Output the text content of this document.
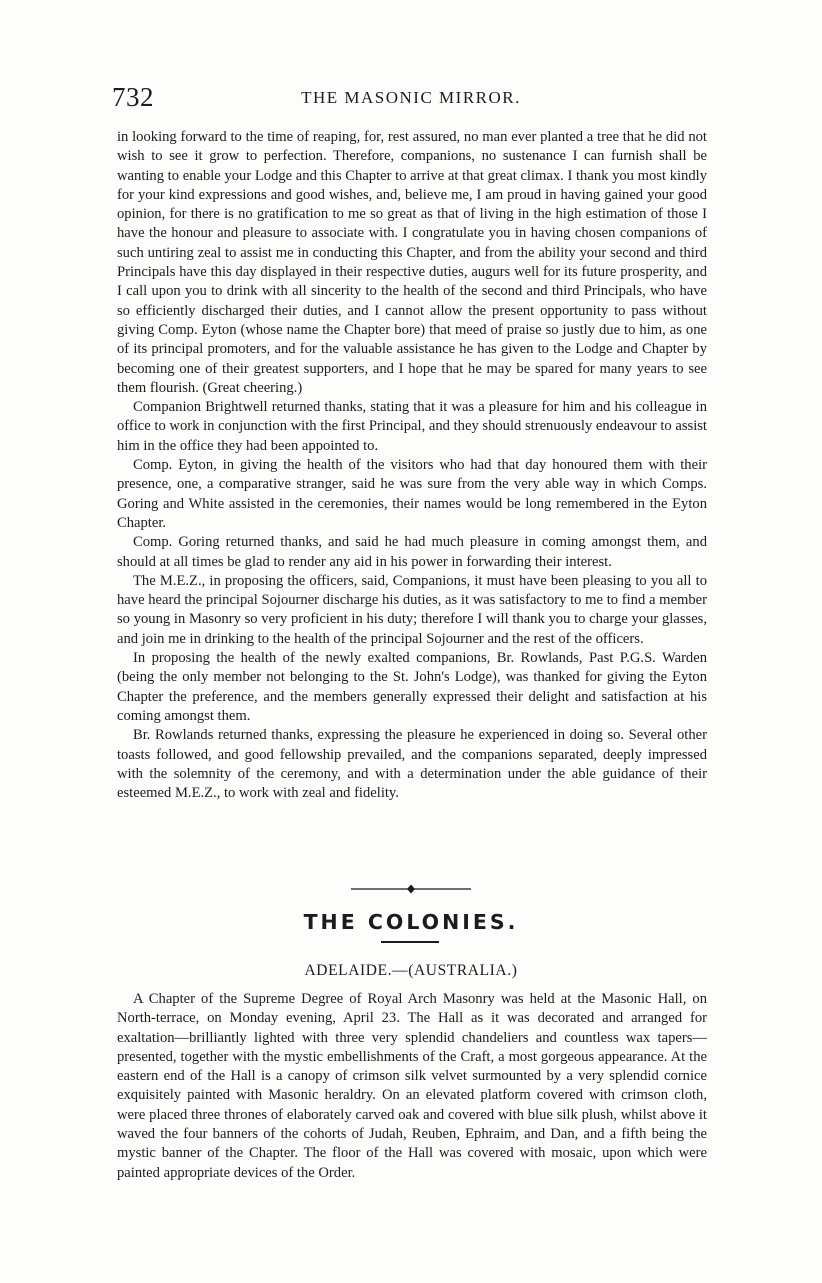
732	THE MASONIC MIRROR.

in looking forward to the time of reaping, for, rest assured, no man ever planted a tree that he did not wish to see it grow to perfection. Therefore, companions, no sustenance I can furnish shall be wanting to enable your Lodge and this Chapter to arrive at that great climax. I thank you most kindly for your kind expressions and good wishes, and, believe me, I am proud in having gained your good opinion, for there is no gratification to me so great as that of living in the high estimation of those I have the honour and pleasure to associate with. I congratulate you in having chosen companions of such untiring zeal to assist me in conducting this Chapter, and from the ability your second and third Principals have this day displayed in their respective duties, augurs well for its future prosperity, and I call upon you to drink with all sincerity to the health of the second and third Principals, who have so efficiently discharged their duties, and I cannot allow the present opportunity to pass without giving Comp. Eyton (whose name the Chapter bore) that meed of praise so justly due to him, as one of its principal promoters, and for the valuable assistance he has given to the Lodge and Chapter by becoming one of their greatest supporters, and I hope that he may be spared for many years to see them flourish. (Great cheering.)

Companion Brightwell returned thanks, stating that it was a pleasure for him and his colleague in office to work in conjunction with the first Principal, and they should strenuously endeavour to assist him in the office they had been appointed to.

Comp. Eyton, in giving the health of the visitors who had that day honoured them with their presence, one, a comparative stranger, said he was sure from the very able way in which Comps. Goring and White assisted in the ceremonies, their names would be long remembered in the Eyton Chapter.

Comp. Goring returned thanks, and said he had much pleasure in coming amongst them, and should at all times be glad to render any aid in his power in forwarding their interest.

The M.E.Z., in proposing the officers, said, Companions, it must have been pleasing to you all to have heard the principal Sojourner discharge his duties, as it was satisfactory to me to find a member so young in Masonry so very proficient in his duty; therefore I will thank you to charge your glasses, and join me in drinking to the health of the principal Sojourner and the rest of the officers.

In proposing the health of the newly exalted companions, Br. Rowlands, Past P.G.S. Warden (being the only member not belonging to the St. John's Lodge), was thanked for giving the Eyton Chapter the preference, and the members generally expressed their delight and satisfaction at his coming amongst them.

Br. Rowlands returned thanks, expressing the pleasure he experienced in doing so. Several other toasts followed, and good fellowship prevailed, and the companions separated, deeply impressed with the solemnity of the ceremony, and with a determination under the able guidance of their esteemed M.E.Z., to work with zeal and fidelity.

THE COLONIES.
ADELAIDE.—(AUSTRALIA.)

A Chapter of the Supreme Degree of Royal Arch Masonry was held at the Masonic Hall, on North-terrace, on Monday evening, April 23. The Hall as it was decorated and arranged for exaltation—brilliantly lighted with three very splendid chandeliers and countless wax tapers—presented, together with the mystic embellishments of the Craft, a most gorgeous appearance. At the eastern end of the Hall is a canopy of crimson silk velvet surmounted by a very splendid cornice exquisitely painted with Masonic heraldry. On an elevated platform covered with crimson cloth, were placed three thrones of elaborately carved oak and covered with blue silk plush, whilst above it waved the four banners of the cohorts of Judah, Reuben, Ephraim, and Dan, and a fifth being the mystic banner of the Chapter. The floor of the Hall was covered with mosaic, upon which were painted appropriate devices of the Order.
